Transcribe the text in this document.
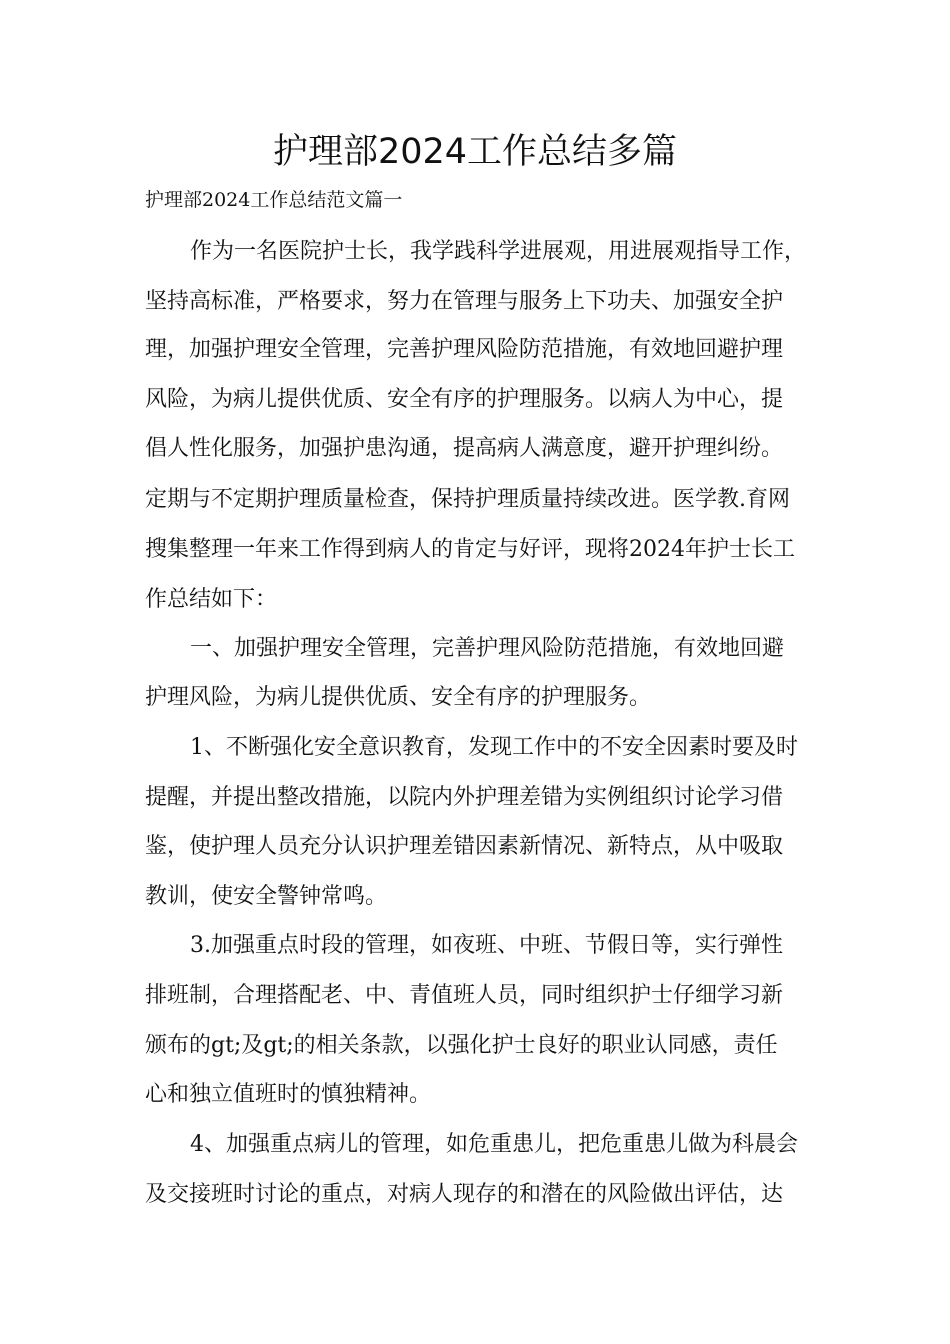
护理部2024工作总结多篇

护理部2024工作总结范文篇一

作为一名医院护士长，我学践科学进展观，用进展观指导工作，

坚持高标准，严格要求，努力在管理与服务上下功夫、加强安全护

理，加强护理安全管理，完善护理风险防范措施，有效地回避护理

风险，为病儿提供优质、安全有序的护理服务。以病人为中心，提

倡人性化服务，加强护患沟通，提高病人满意度，避开护理纠纷。

定期与不定期护理质量检查，保持护理质量持续改进。医学教.育网

搜集整理一年来工作得到病人的肯定与好评，现将2024年护士长工

作总结如下：

一、加强护理安全管理，完善护理风险防范措施，有效地回避

护理风险，为病儿提供优质、安全有序的护理服务。

1、不断强化安全意识教育，发现工作中的不安全因素时要及时

提醒，并提出整改措施，以院内外护理差错为实例组织讨论学习借

鉴，使护理人员充分认识护理差错因素新情况、新特点，从中吸取

教训，使安全警钟常鸣。

3.加强重点时段的管理，如夜班、中班、节假日等，实行弹性

排班制，合理搭配老、中、青值班人员，同时组织护士仔细学习新

颁布的gt;及gt;的相关条款，以强化护士良好的职业认同感，责任

心和独立值班时的慎独精神。

4、加强重点病儿的管理，如危重患儿，把危重患儿做为科晨会

及交接班时讨论的重点，对病人现存的和潜在的风险做出评估，达
